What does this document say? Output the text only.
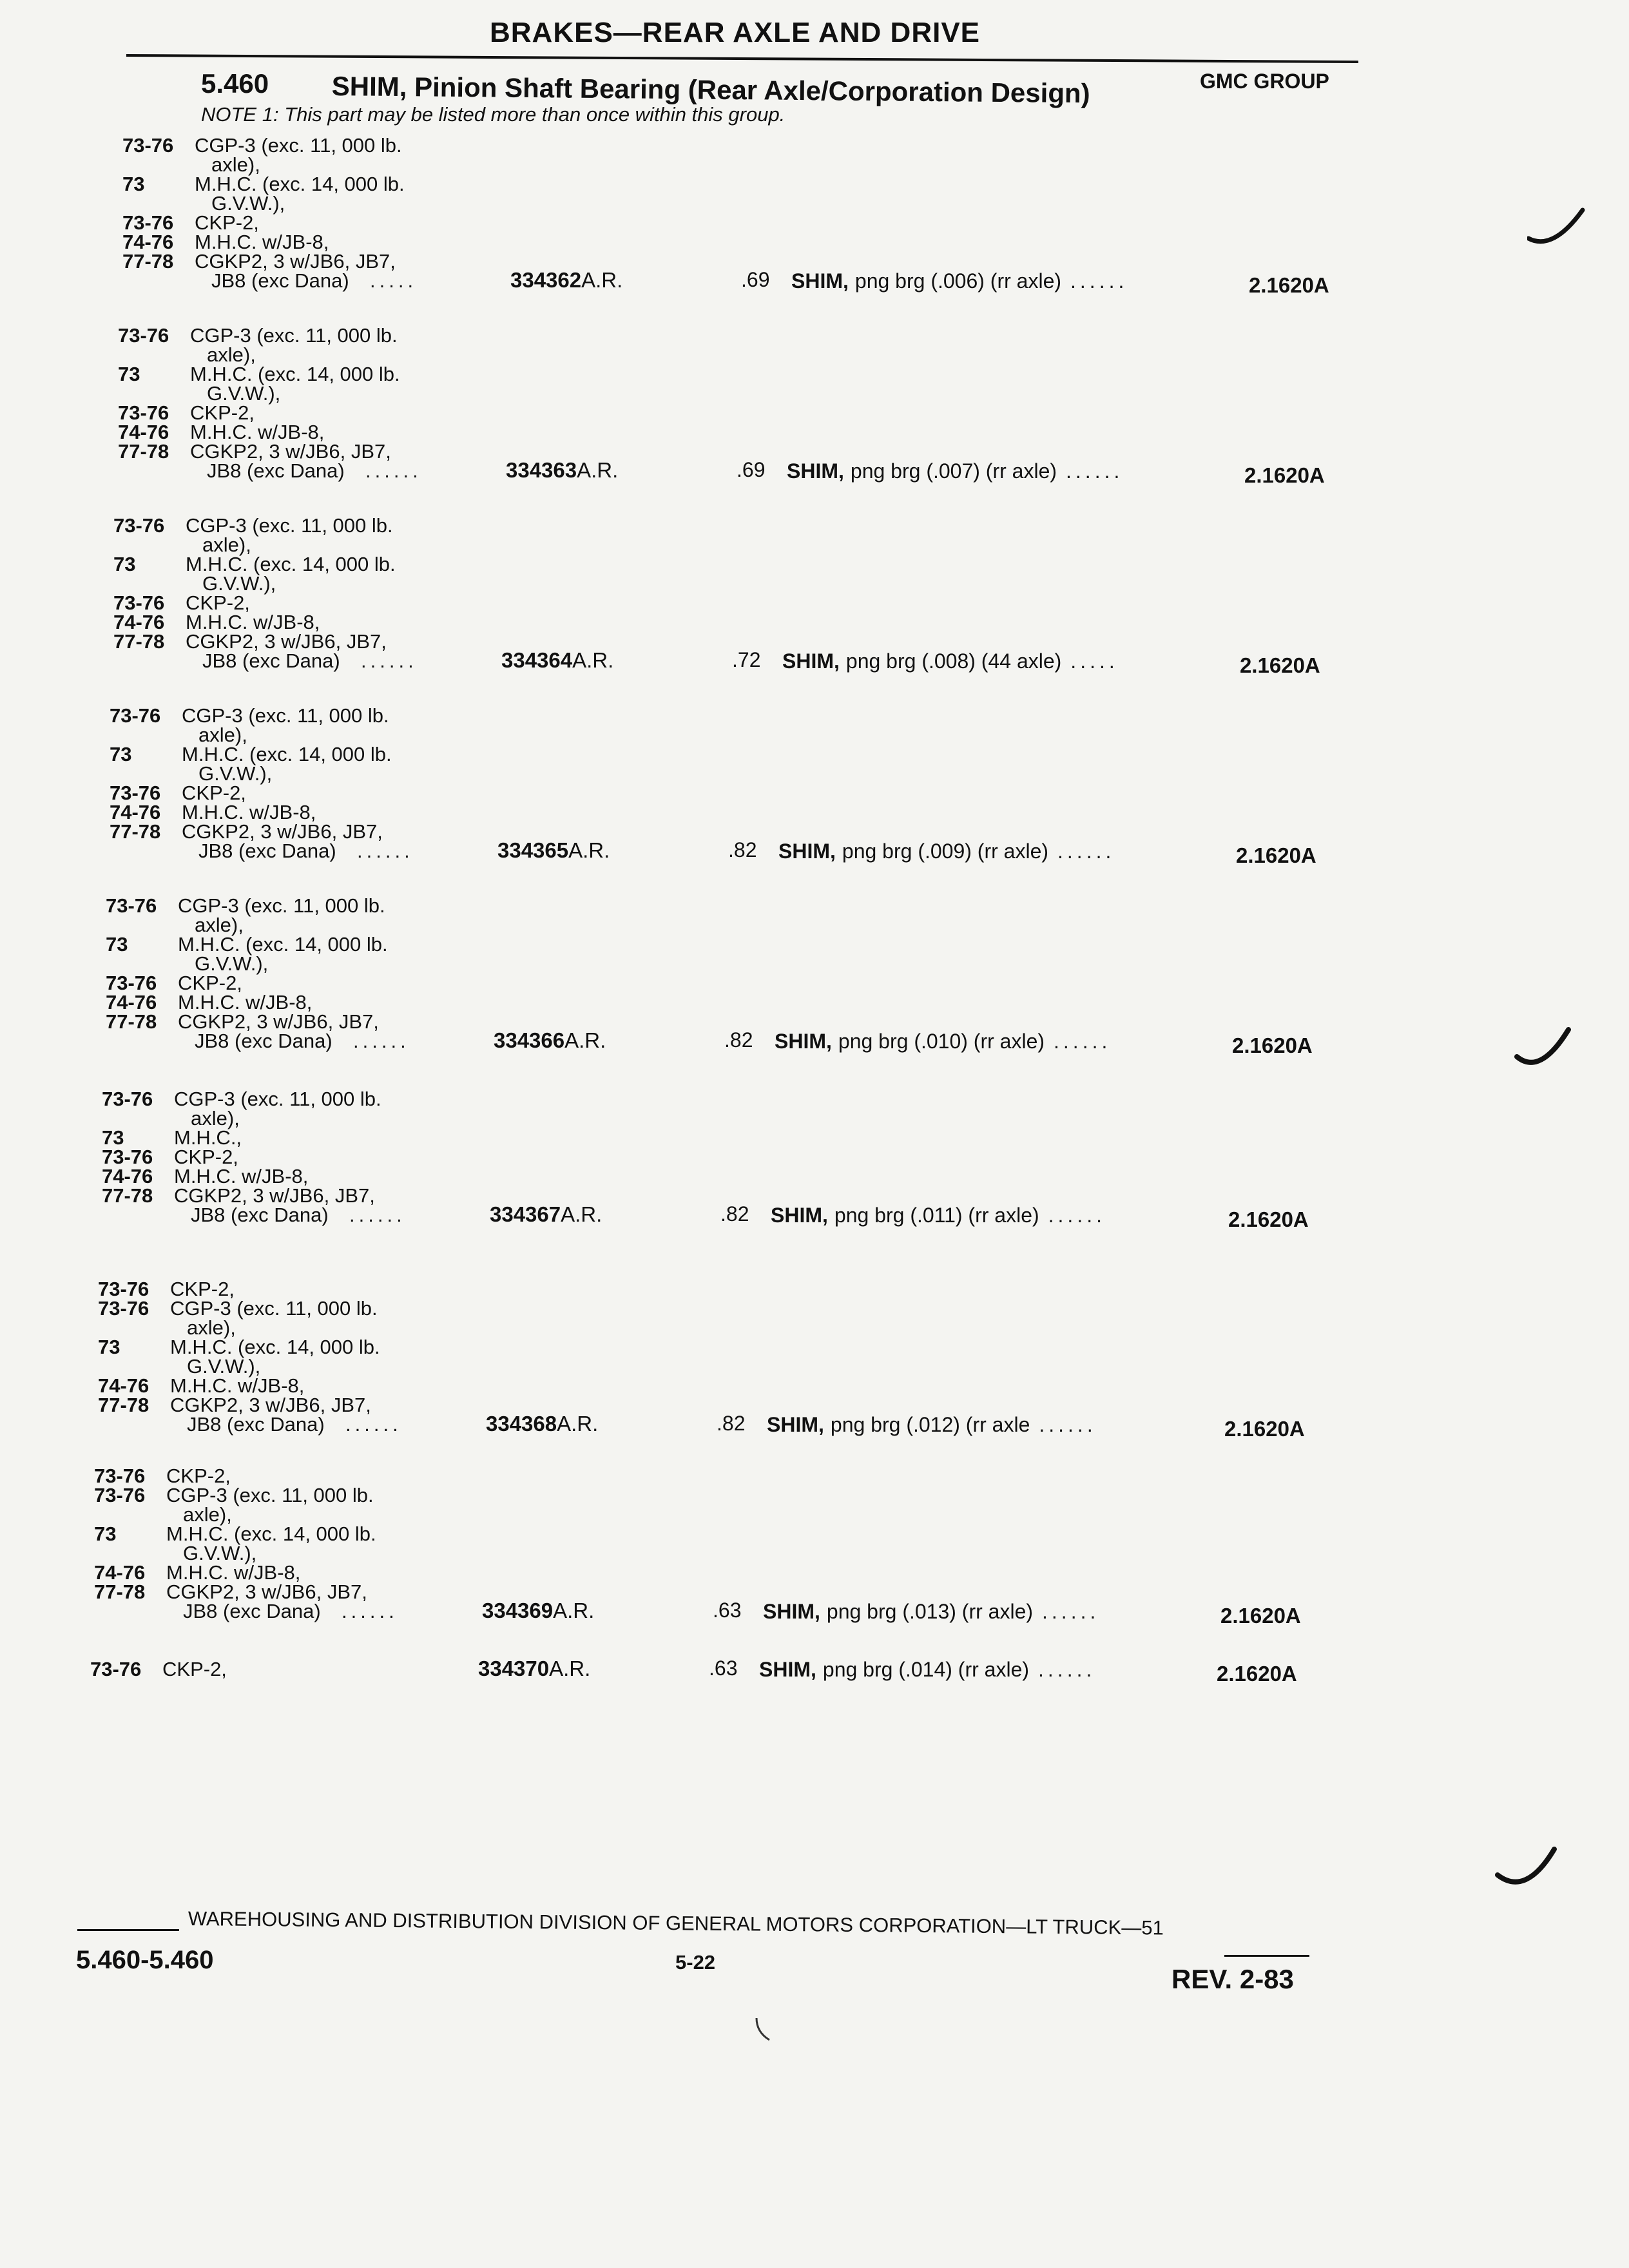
BRAKES—REAR AXLE AND DRIVE
5.460 SHIM, Pinion Shaft Bearing (Rear Axle/Corporation Design)	GMC GROUP
NOTE 1: This part may be listed more than once within this group.
73-76 CGP-3 (exc. 11, 000 lb.
axle),
73	M.H.C. (exc. 14, 000 lb.
G.V.W.),
73-76 CKP-2,
74-76 M.H.C. w/JB-8,
77-78 CGKP2, 3 w/JB6, JB7,
JB8 (exc Dana) .....	334362A.R.	.69 SHIM, png brg (.006) (rr axle) ......	2.1620A
73-76 CGP-3 (exc. 11, 000 lb.
axle),
73	M.H.C. (exc. 14, 000 lb.
G.V.W.),
73-76 CKP-2,
74-76 M.H.C. w/JB-8,
77-78 CGKP2, 3 w/JB6, JB7,
JB8 (exc Dana) ......	334363A.R.	.69 SHIM, png brg (.007) (rr axle) ......	2.1620A
73-76 CGP-3 (exc. 11, 000 lb.
axle),
73	M.H.C. (exc. 14, 000 lb.
G.V.W.),
73-76 CKP-2,
74-76 M.H.C. w/JB-8,
77-78 CGKP2, 3 w/JB6, JB7,
JB8 (exc Dana) ......	334364A.R.	.72 SHIM, png brg (.008) (44 axle) .....	2.1620A
73-76 CGP-3 (exc. 11, 000 lb.
axle),
73	M.H.C. (exc. 14, 000 lb.
G.V.W.),
73-76 CKP-2,
74-76 M.H.C. w/JB-8,
77-78 CGKP2, 3 w/JB6, JB7,
JB8 (exc Dana) ......	334365A.R.	.82 SHIM, png brg (.009) (rr axle) ......	2.1620A
73-76 CGP-3 (exc. 11, 000 lb.
axle),
73	M.H.C. (exc. 14, 000 lb.
G.V.W.),
73-76 CKP-2,
74-76 M.H.C. w/JB-8,
77-78 CGKP2, 3 w/JB6, JB7,
JB8 (exc Dana) ......	334366A.R.	.82 SHIM, png brg (.010) (rr axle) ......	2.1620A
73-76 CGP-3 (exc. 11, 000 lb.
axle),
73	M.H.C.,
73-76 CKP-2,
74-76 M.H.C. w/JB-8,
77-78 CGKP2, 3 w/JB6, JB7,
JB8 (exc Dana) ......	334367A.R.	.82 SHIM, png brg (.011) (rr axle) ......	2.1620A
73-76 CKP-2,
73-76 CGP-3 (exc. 11, 000 lb.
axle),
73	M.H.C. (exc. 14, 000 lb.
G.V.W.),
74-76 M.H.C. w/JB-8,
77-78 CGKP2, 3 w/JB6, JB7,
JB8 (exc Dana) ......	334368A.R.	.82 SHIM, png brg (.012) (rr axle ......	2.1620A
73-76 CKP-2,
73-76 CGP-3 (exc. 11, 000 lb.
axle),
73	M.H.C. (exc. 14, 000 lb.
G.V.W.),
74-76 M.H.C. w/JB-8,
77-78 CGKP2, 3 w/JB6, JB7,
JB8 (exc Dana) ......	334369A.R.	.63 SHIM, png brg (.013) (rr axle) ......	2.1620A
73-76 CKP-2,	334370A.R.	.63 SHIM, png brg (.014) (rr axle) ......	2.1620A
WAREHOUSING AND DISTRIBUTION DIVISION OF GENERAL MOTORS CORPORATION—LT TRUCK—51
5.460-5.460	5-22
REV. 2-83
